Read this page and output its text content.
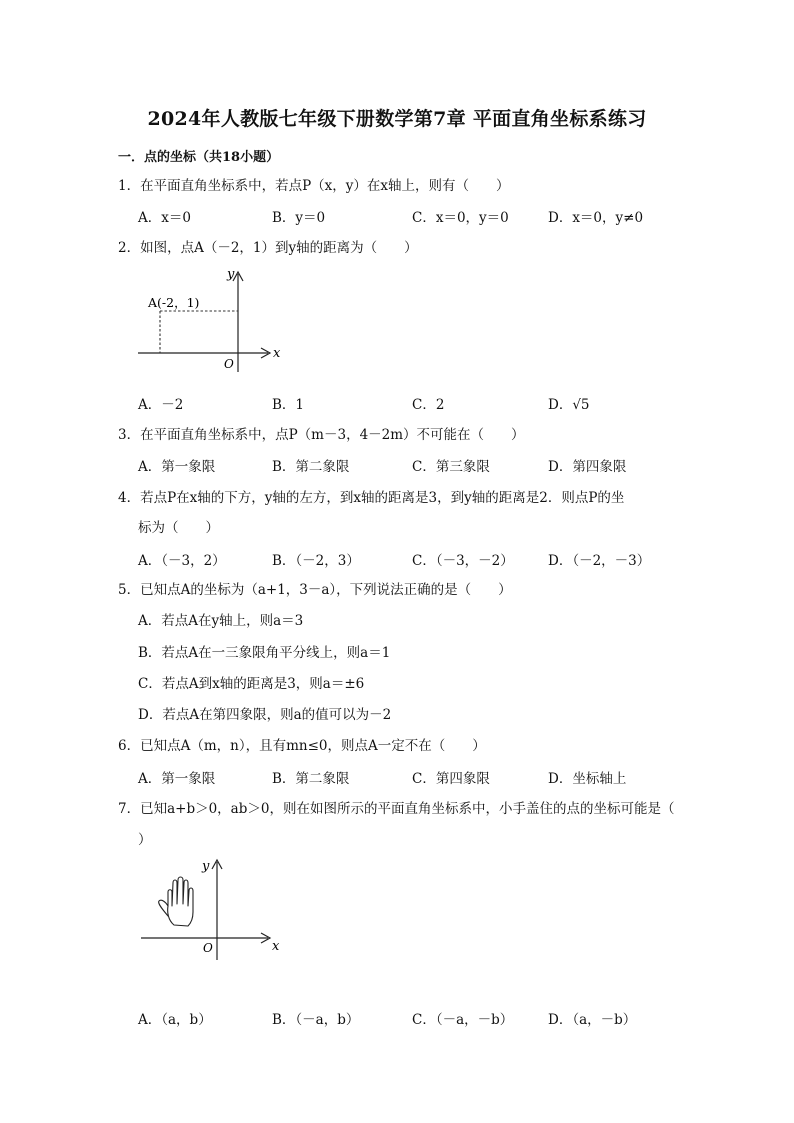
2024年人教版七年级下册数学第7章 平面直角坐标系练习
一．点的坐标（共18小题）
1．在平面直角坐标系中，若点P（x，y）在x轴上，则有（　　）
A．x＝0	B．y＝0	C．x＝0，y＝0	D．x＝0，y≠0
2．如图，点A（－2，1）到y轴的距离为（　　）
A(-2，1)
x
y
O
A．－2	B．1	C．2	D．√5
3．在平面直角坐标系中，点P（m－3，4－2m）不可能在（　　）
A．第一象限	B．第二象限	C．第三象限	D．第四象限
4．若点P在x轴的下方，y轴的左方，到x轴的距离是3，到y轴的距离是2．则点P的坐
标为（　　）
A．（－3，2）	B．（－2，3）	C．（－3，－2）	D．（－2，－3）
5．已知点A的坐标为（a+1，3－a），下列说法正确的是（　　）
A．若点A在y轴上，则a＝3
B．若点A在一三象限角平分线上，则a＝1
C．若点A到x轴的距离是3，则a＝±6
D．若点A在第四象限，则a的值可以为－2
6．已知点A（m，n），且有mn≤0，则点A一定不在（　　）
A．第一象限	B．第二象限	C．第四象限	D．坐标轴上
7．已知a+b＞0，ab＞0，则在如图所示的平面直角坐标系中，小手盖住的点的坐标可能是（
）
x
y
O
A．（a，b）	B．（－a，b）	C．（－a，－b）	D．（a，－b）
